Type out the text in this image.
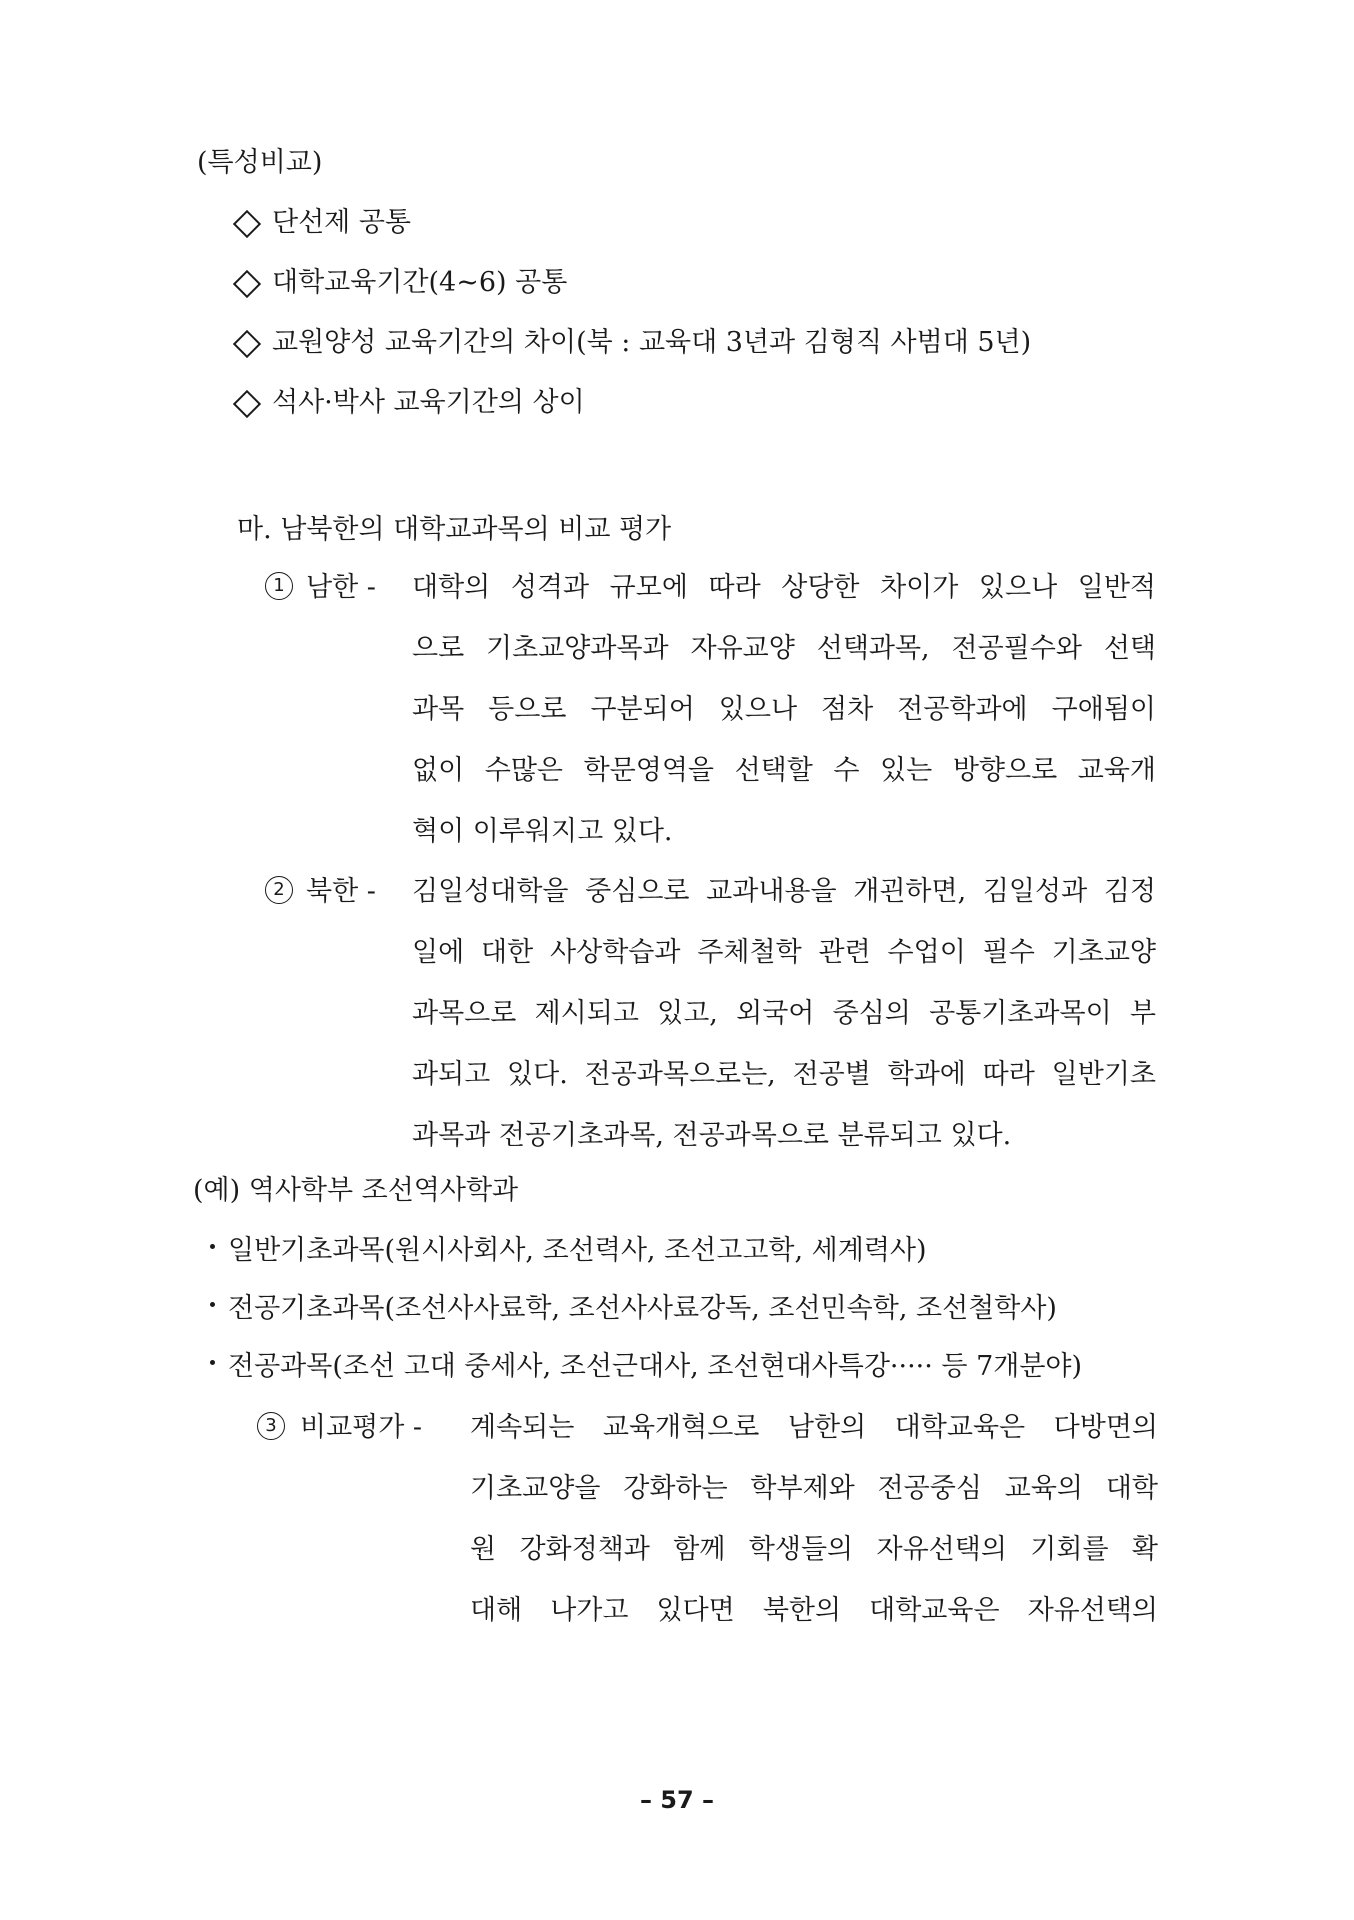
(특성비교)
단선제 공통
대학교육기간(4~6) 공통
교원양성 교육기간의 차이(북 : 교육대 3년과 김형직 사범대 5년)
석사·박사 교육기간의 상이
마. 남북한의 대학교과목의 비교 평가
1 남한 - 대학의 성격과 규모에 따라 상당한 차이가 있으나 일반적
으로 기초교양과목과 자유교양 선택과목, 전공필수와 선택
과목 등으로 구분되어 있으나 점차 전공학과에 구애됨이
없이 수많은 학문영역을 선택할 수 있는 방향으로 교육개
혁이 이루워지고 있다.
2 북한 - 김일성대학을 중심으로 교과내용을 개괸하면, 김일성과 김정
일에 대한 사상학습과 주체철학 관련 수업이 필수 기초교양
과목으로 제시되고 있고, 외국어 중심의 공통기초과목이 부
과되고 있다. 전공과목으로는, 전공별 학과에 따라 일반기초
과목과 전공기초과목, 전공과목으로 분류되고 있다.
(예) 역사학부 조선역사학과
일반기초과목(원시사회사, 조선력사, 조선고고학, 세계력사)
전공기초과목(조선사사료학, 조선사사료강독, 조선민속학, 조선철학사)
전공과목(조선 고대 중세사, 조선근대사, 조선현대사특강····· 등 7개분야)
3 비교평가 - 계속되는 교육개혁으로 남한의 대학교육은 다방면의
기초교양을 강화하는 학부제와 전공중심 교육의 대학
원 강화정책과 함께 학생들의 자유선택의 기회를 확
대해 나가고 있다면 북한의 대학교육은 자유선택의
– 57 –
